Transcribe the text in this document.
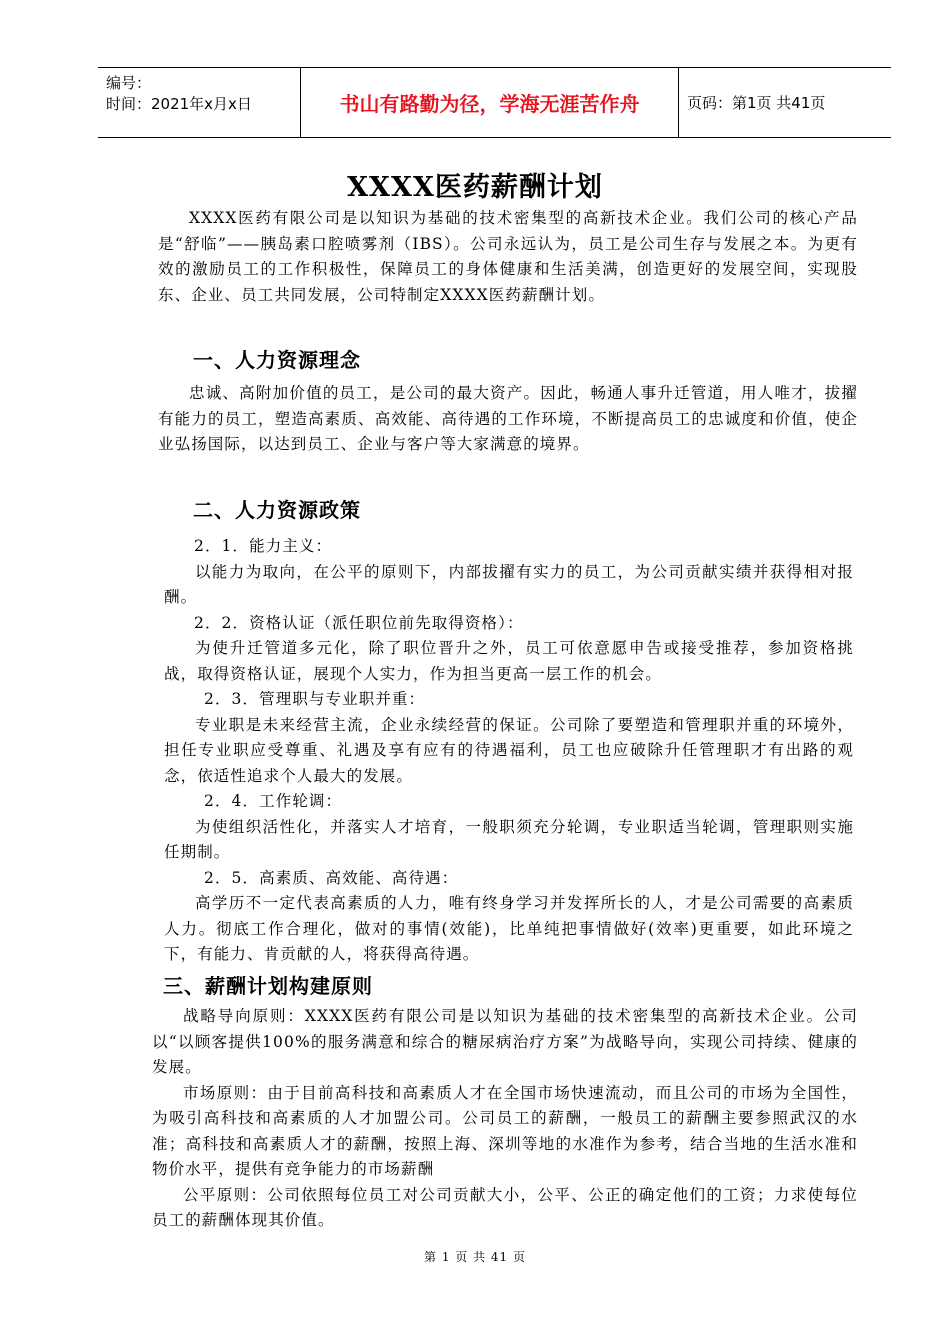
编号：
时间：2021年x月x日	书山有路勤为径，学海无涯苦作舟	页码：第1页 共41页
XXXX医药薪酬计划

XXXX医药有限公司是以知识为基础的技术密集型的高新技术企业。我们公司的核心产品是“舒临”——胰岛素口腔喷雾剂（IBS）。公司永远认为，员工是公司生存与发展之本。为更有效的激励员工的工作积极性，保障员工的身体健康和生活美满，创造更好的发展空间，实现股东、企业、员工共同发展，公司特制定XXXX医药薪酬计划。

一、人力资源理念

忠诚、高附加价值的员工，是公司的最大资产。因此，畅通人事升迁管道，用人唯才，拔擢有能力的员工，塑造高素质、高效能、高待遇的工作环境，不断提高员工的忠诚度和价值，使企业弘扬国际，以达到员工、企业与客户等大家满意的境界。

二、人力资源政策

2．1．能力主义：

以能力为取向，在公平的原则下，内部拔擢有实力的员工，为公司贡献实绩并获得相对报酬。

2．2．资格认证（派任职位前先取得资格）：

为使升迁管道多元化，除了职位晋升之外，员工可依意愿申告或接受推荐，参加资格挑战，取得资格认证，展现个人实力，作为担当更高一层工作的机会。

2．3．管理职与专业职并重：

专业职是未来经营主流，企业永续经营的保证。公司除了要塑造和管理职并重的环境外，担任专业职应受尊重、礼遇及享有应有的待遇福利，员工也应破除升任管理职才有出路的观念，依适性追求个人最大的发展。

2．4．工作轮调：

为使组织活性化，并落实人才培育，一般职须充分轮调，专业职适当轮调，管理职则实施任期制。

2．5．高素质、高效能、高待遇：

高学历不一定代表高素质的人力，唯有终身学习并发挥所长的人，才是公司需要的高素质人力。彻底工作合理化，做对的事情(效能)，比单纯把事情做好(效率)更重要，如此环境之下，有能力、肯贡献的人，将获得高待遇。

三、薪酬计划构建原则

战略导向原则：XXXX医药有限公司是以知识为基础的技术密集型的高新技术企业。公司以“以顾客提供100%的服务满意和综合的糖尿病治疗方案”为战略导向，实现公司持续、健康的发展。

市场原则：由于目前高科技和高素质人才在全国市场快速流动，而且公司的市场为全国性，为吸引高科技和高素质的人才加盟公司。公司员工的薪酬，一般员工的薪酬主要参照武汉的水准；高科技和高素质人才的薪酬，按照上海、深圳等地的水准作为参考，结合当地的生活水准和物价水平，提供有竞争能力的市场薪酬

公平原则：公司依照每位员工对公司贡献大小，公平、公正的确定他们的工资；力求使每位员工的薪酬体现其价值。

第 1 页 共 41 页
